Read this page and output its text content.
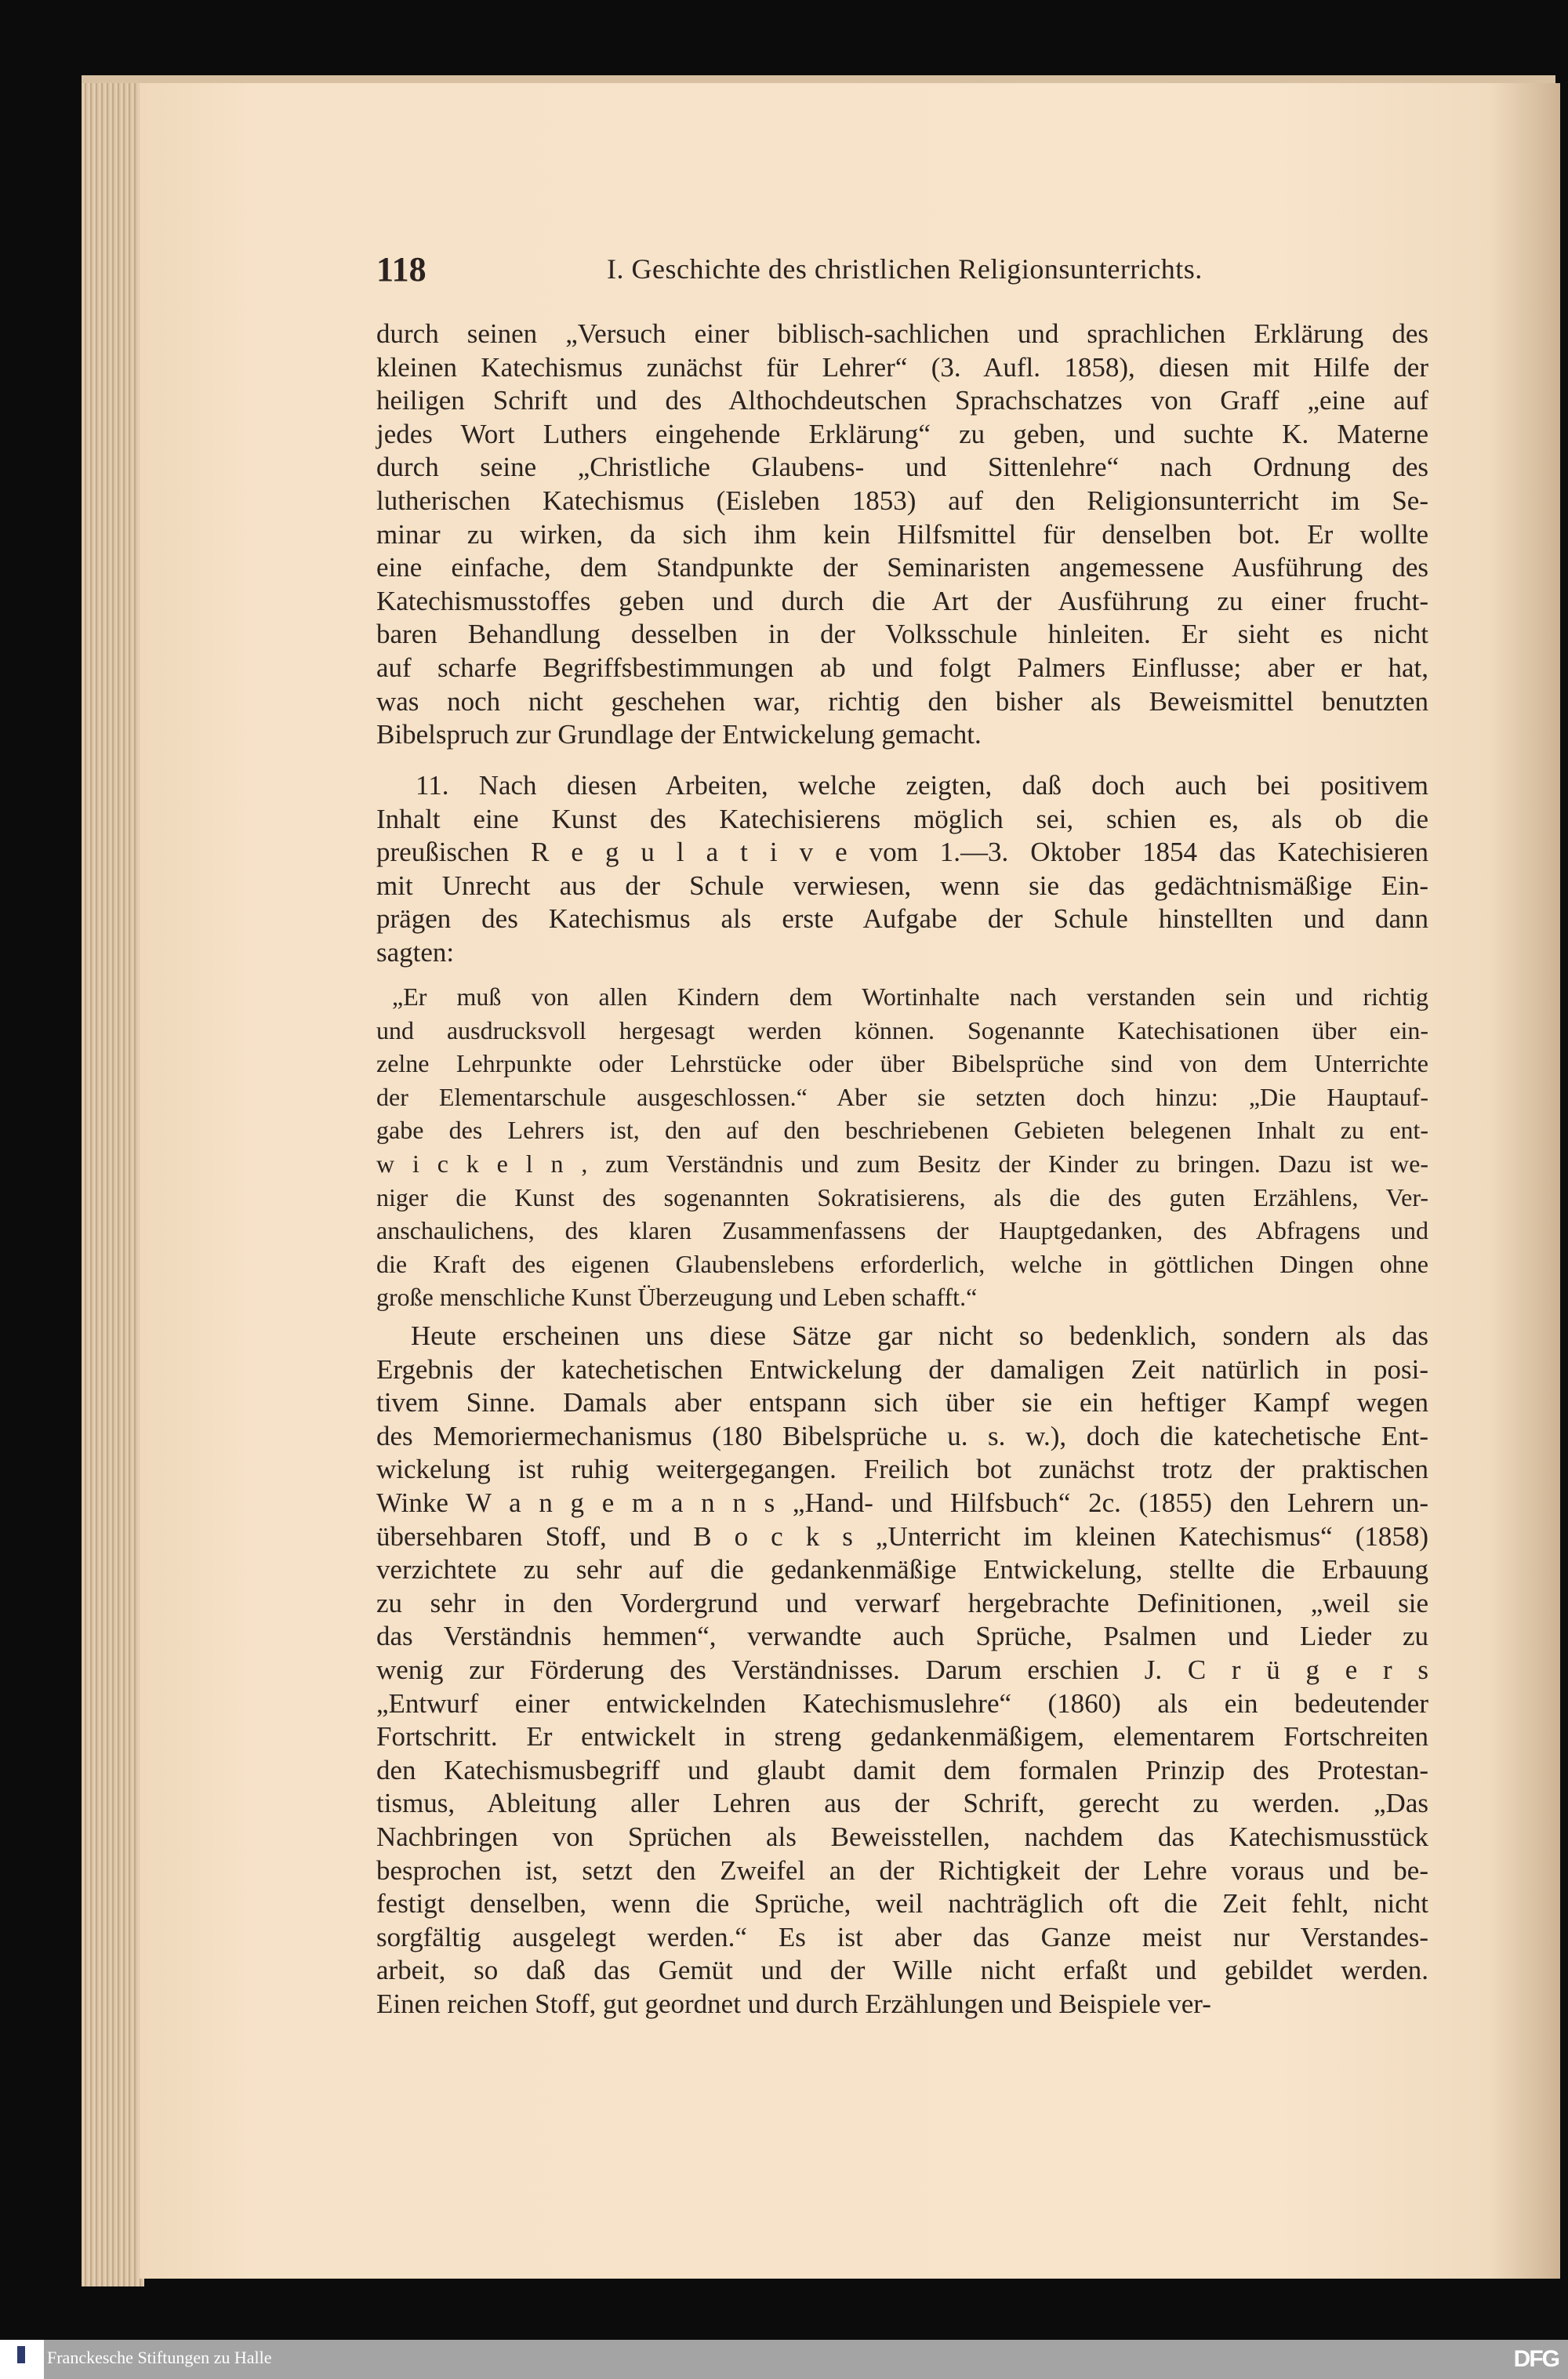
118	I. Geschichte des christlichen Religionsunterrichts.
durch seinen „Versuch einer biblisch-sachlichen und sprachlichen Erklärung des
kleinen Katechismus zunächst für Lehrer“ (3. Aufl. 1858), diesen mit Hilfe der
heiligen Schrift und des Althochdeutschen Sprachschatzes von Graff „eine auf
jedes Wort Luthers eingehende Erklärung“ zu geben, und suchte K. Materne
durch seine „Christliche Glaubens- und Sittenlehre“ nach Ordnung des
lutherischen Katechismus (Eisleben 1853) auf den Religionsunterricht im Se-
minar zu wirken, da sich ihm kein Hilfsmittel für denselben bot. Er wollte
eine einfache, dem Standpunkte der Seminaristen angemessene Ausführung des
Katechismusstoffes geben und durch die Art der Ausführung zu einer frucht-
baren Behandlung desselben in der Volksschule hinleiten. Er sieht es nicht
auf scharfe Begriffsbestimmungen ab und folgt Palmers Einflusse; aber er hat,
was noch nicht geschehen war, richtig den bisher als Beweismittel benutzten
Bibelspruch zur Grundlage der Entwickelung gemacht.
11. Nach diesen Arbeiten, welche zeigten, daß doch auch bei positivem
Inhalt eine Kunst des Katechisierens möglich sei, schien es, als ob die
preußischen R e g u l a t i v e vom 1.—3. Oktober 1854 das Katechisieren
mit Unrecht aus der Schule verwiesen, wenn sie das gedächtnismäßige Ein-
prägen des Katechismus als erste Aufgabe der Schule hinstellten und dann
sagten:
„Er muß von allen Kindern dem Wortinhalte nach verstanden sein und richtig
und ausdrucksvoll hergesagt werden können. Sogenannte Katechisationen über ein-
zelne Lehrpunkte oder Lehrstücke oder über Bibelsprüche sind von dem Unterrichte
der Elementarschule ausgeschlossen.“ Aber sie setzten doch hinzu: „Die Hauptauf-
gabe des Lehrers ist, den auf den beschriebenen Gebieten belegenen Inhalt zu ent-
w i c k e l n , zum Verständnis und zum Besitz der Kinder zu bringen. Dazu ist we-
niger die Kunst des sogenannten Sokratisierens, als die des guten Erzählens, Ver-
anschaulichens, des klaren Zusammenfassens der Hauptgedanken, des Abfragens und
die Kraft des eigenen Glaubenslebens erforderlich, welche in göttlichen Dingen ohne
große menschliche Kunst Überzeugung und Leben schafft.“
Heute erscheinen uns diese Sätze gar nicht so bedenklich, sondern als das
Ergebnis der katechetischen Entwickelung der damaligen Zeit natürlich in posi-
tivem Sinne. Damals aber entspann sich über sie ein heftiger Kampf wegen
des Memoriermechanismus (180 Bibelsprüche u. s. w.), doch die katechetische Ent-
wickelung ist ruhig weitergegangen. Freilich bot zunächst trotz der praktischen
Winke W a n g e m a n n s „Hand- und Hilfsbuch“ 2c. (1855) den Lehrern un-
übersehbaren Stoff, und B o c k s „Unterricht im kleinen Katechismus“ (1858)
verzichtete zu sehr auf die gedankenmäßige Entwickelung, stellte die Erbauung
zu sehr in den Vordergrund und verwarf hergebrachte Definitionen, „weil sie
das Verständnis hemmen“, verwandte auch Sprüche, Psalmen und Lieder zu
wenig zur Förderung des Verständnisses. Darum erschien J. C r ü g e r s
„Entwurf einer entwickelnden Katechismuslehre“ (1860) als ein bedeutender
Fortschritt. Er entwickelt in streng gedankenmäßigem, elementarem Fortschreiten
den Katechismusbegriff und glaubt damit dem formalen Prinzip des Protestan-
tismus, Ableitung aller Lehren aus der Schrift, gerecht zu werden. „Das
Nachbringen von Sprüchen als Beweisstellen, nachdem das Katechismusstück
besprochen ist, setzt den Zweifel an der Richtigkeit der Lehre voraus und be-
festigt denselben, wenn die Sprüche, weil nachträglich oft die Zeit fehlt, nicht
sorgfältig ausgelegt werden.“ Es ist aber das Ganze meist nur Verstandes-
arbeit, so daß das Gemüt und der Wille nicht erfaßt und gebildet werden.
Einen reichen Stoff, gut geordnet und durch Erzählungen und Beispiele ver-
Franckesche Stiftungen zu Halle	DFG
